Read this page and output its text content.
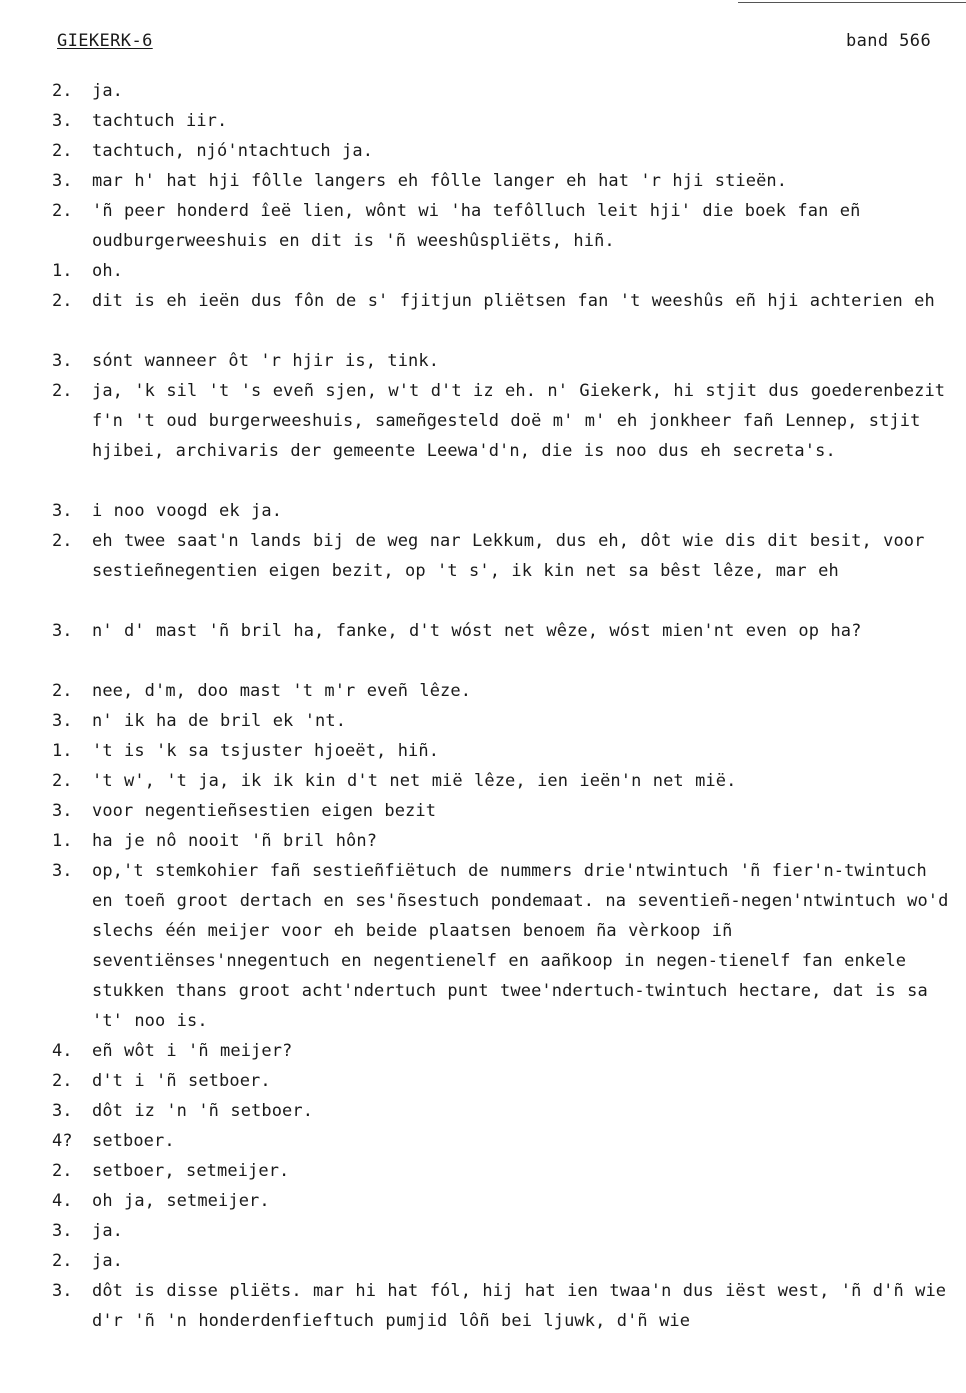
GIEKERK-6	band 566
2.	ja.
3.	tachtuch iir.
2.	tachtuch, njó'ntachtuch ja.
3.	mar h' hat hji fôlle langers eh fôlle langer eh hat 'r hji stieën.
2.	'ñ peer honderd îeë lien, wônt wi 'ha tefôlluch leit hji' die boek fan eñ oudburgerweeshuis en dit is 'ñ weeshûspliëts, hiñ.
1.	oh.
2.	dit is eh ieën dus fôn de s' fjitjun pliëtsen fan 't weeshûs eñ hji achterien eh
3.	sónt wanneer ôt 'r hjir is, tink.
2.	ja, 'k sil 't 's eveñ sjen, w't d't iz eh. n' Giekerk, hi stjit dus goederenbezit f'n 't oud burgerweeshuis, sameñgesteld doë m' m' eh jonkheer fañ Lennep, stjit hjibei, archivaris der gemeente Leewa'd'n, die is noo dus eh secreta's.
3.	i noo voogd ek ja.
2.	eh twee saat'n lands bij de weg nar Lekkum, dus eh, dôt wie dis dit besit, voor sestieñnegentien eigen bezit, op 't s', ik kin net sa bêst lêze, mar eh
3.	n' d' mast 'ñ bril ha, fanke, d't wóst net wêze, wóst mien'nt even op ha?
2.	nee, d'm, doo mast 't m'r eveñ lêze.
3.	n' ik ha de bril ek 'nt.
1.	't is 'k sa tsjuster hjoeët, hiñ.
2.	't w', 't ja, ik ik kin d't net mië lêze, ien ieën'n net mië.
3.	voor negentieñsestien eigen bezit
1.	ha je nô nooit 'ñ bril hôn?
3.	op,'t stemkohier fañ sestieñfiëtuch de nummers drie'ntwintuch 'ñ fier'n-twintuch en toeñ groot dertach en ses'ñsestuch pondemaat. na seventieñ-negen'ntwintuch wo'd slechs één meijer voor eh beide plaatsen benoem ña vèrkoop iñ seventiënses'nnegentuch en negentienelf en aañkoop in negen-tienelf fan enkele stukken thans groot acht'ndertuch punt twee'ndertuch-twintuch hectare, dat is sa 't' noo is.
4.	eñ wôt i 'ñ meijer?
2.	d't i 'ñ setboer.
3.	dôt iz 'n 'ñ setboer.
4?	setboer.
2.	setboer, setmeijer.
4.	oh ja, setmeijer.
3.	ja.
2.	ja.
3.	dôt is disse pliëts. mar hi hat fól, hij hat ien twaa'n dus iëst west, 'ñ d'ñ wie d'r 'ñ 'n honderdenfieftuch pumjid lôñ bei ljuwk, d'ñ wie
